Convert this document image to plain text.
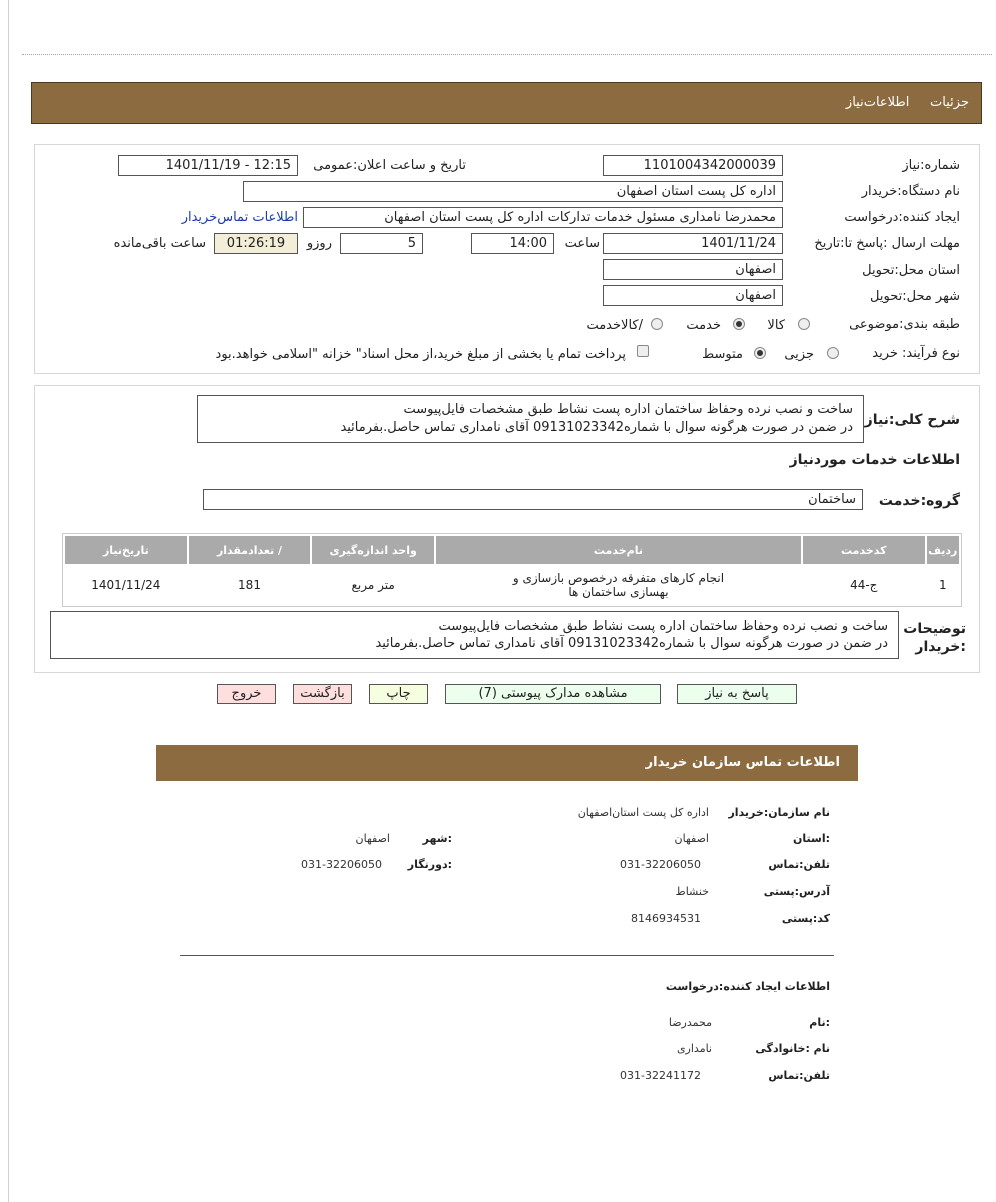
جزئیات     اطلاعات‌نیاز
شماره:نیاز
1101004342000039
تاریخ و ساعت اعلان:عمومی
1401/11/19 - 12:15
نام دستگاه:خریدار
اداره کل پست استان اصفهان
ایجاد کننده:درخواست
محمدرضا نامداری مسئول خدمات تدارکات اداره کل پست استان اصفهان
اطلاعات تماس‌خریدار
مهلت ارسال :پاسخ تا:تاریخ
1401/11/24
ساعت
14:00
5
روزو
01:26:19
ساعت باقی‌مانده
استان محل:تحویل
اصفهان
شهر محل:تحویل
اصفهان
طبقه بندی:موضوعی
کالا
خدمت
/کالاخدمت
نوع فرآیند: خرید
جزیی
متوسط
پرداخت تمام یا بخشی از مبلغ خرید،از محل اسناد" خزانه "اسلامی خواهد.بود
شرح کلی:نیاز
ساخت و نصب نرده وحفاظ ساختمان اداره پست نشاط طبق مشخصات فایل‌پیوست
در ضمن در صورت هرگونه سوال با شماره09131023342 آقای نامداری تماس حاصل.بفرمائید
اطلاعات خدمات موردنیاز
گروه:خدمت
ساختمان
ردیف	کدخدمت	نام‌خدمت	واحد اندازه‌گیری	/ تعدادمقدار	تاریخ‌نیاز
1	ج-44	انجام کارهای متفرقه درخصوص بازسازی و
بهسازی ساختمان ها	متر مربع	181	1401/11/24
توضیحات
:خریدار
ساخت و نصب نرده وحفاظ ساختمان اداره پست نشاط طبق مشخصات فایل‌پیوست
در ضمن در صورت هرگونه سوال با شماره09131023342 آقای نامداری تماس حاصل.بفرمائید
پاسخ به نیاز
مشاهده مدارک پیوستی (7)
چاپ
بازگشت
خروج
اطلاعات تماس سازمان خریدار
نام سازمان:خریدار
اداره کل پست استان‌اصفهان
:استان
اصفهان
:شهر
اصفهان
تلفن:تماس
031-32206050
:دورنگار
031-32206050
آدرس:پستی
خنشاط
کد:پستی
8146934531
اطلاعات ایجاد کننده:درخواست
:نام
محمدرضا
نام :خانوادگی
نامداری
تلفن:تماس
031-32241172
